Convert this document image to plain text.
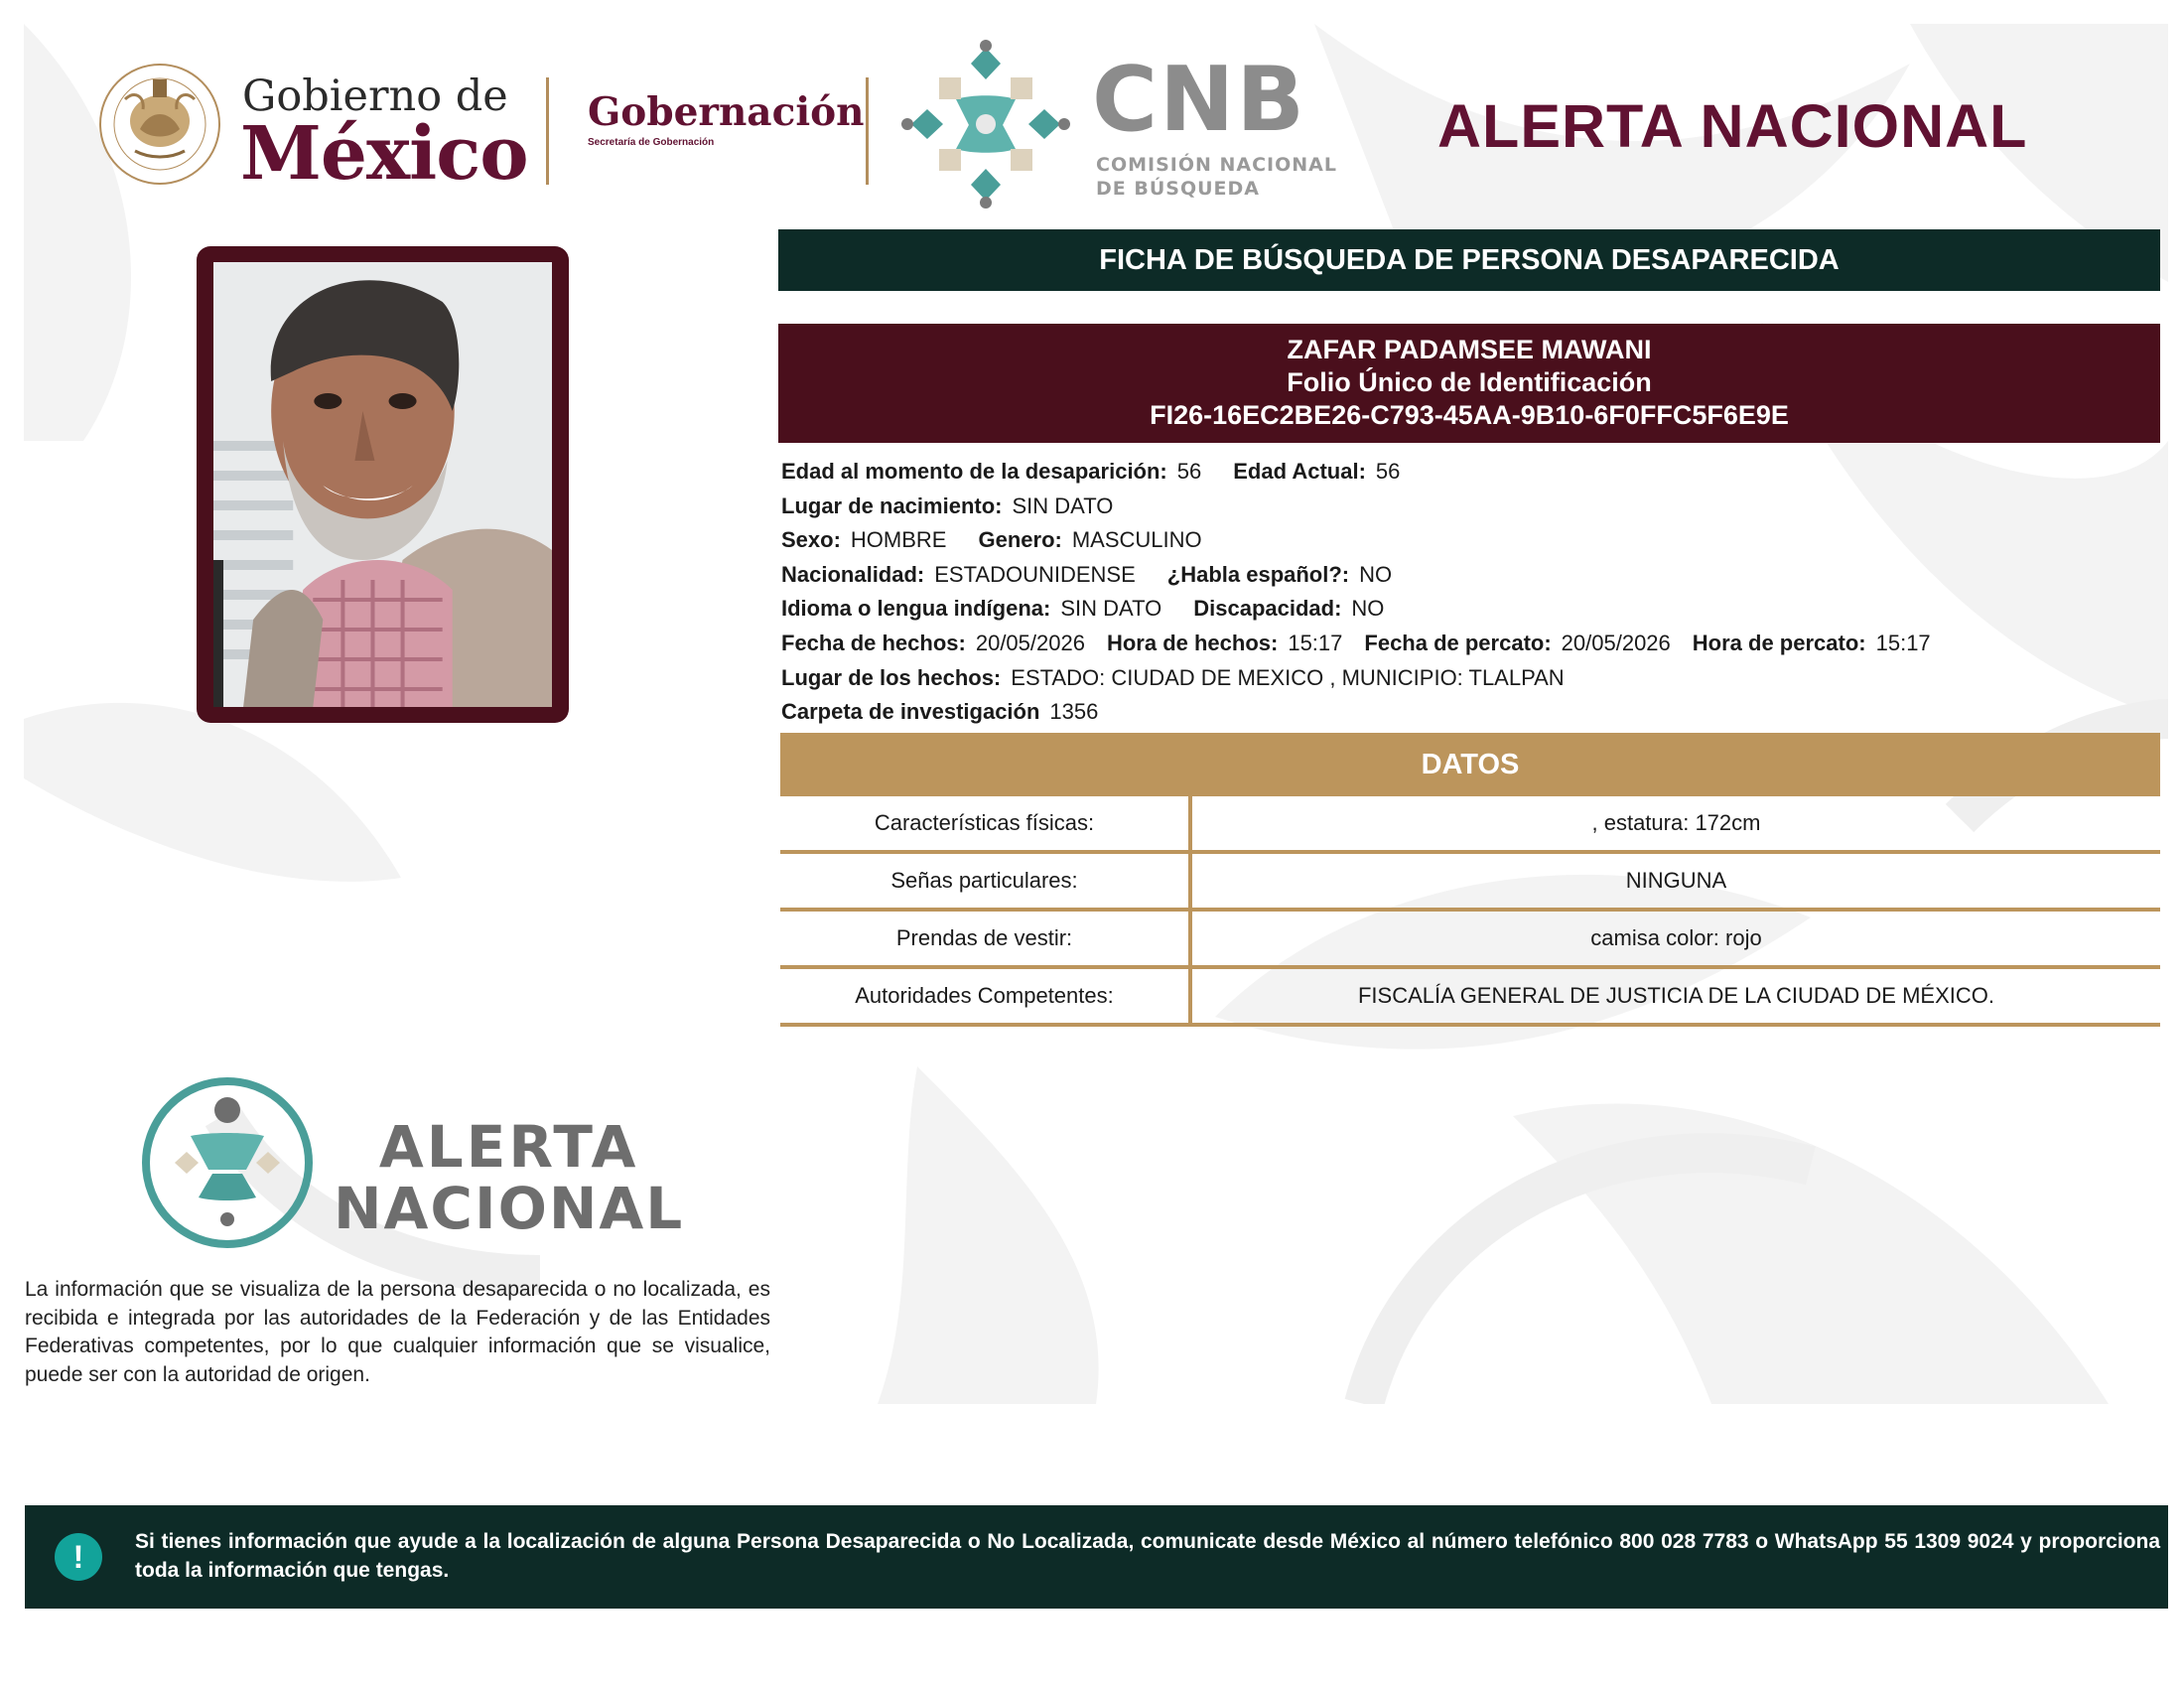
Gobierno de
México Gobernación
Secretaría de Gobernación	CNB
COMISIÓN NACIONAL
DE BÚSQUEDA
ALERTA NACIONAL
FICHA DE BÚSQUEDA DE PERSONA DESAPARECIDA
ZAFAR PADAMSEE MAWANI
Folio Único de Identificación
FI26-16EC2BE26-C793-45AA-9B10-6F0FFC5F6E9E
Edad al momento de la desaparición: 56 Edad Actual: 56
Lugar de nacimiento: SIN DATO
Sexo: HOMBRE Genero: MASCULINO
Nacionalidad: ESTADOUNIDENSE ¿Habla español?: NO
Idioma o lengua indígena: SIN DATO Discapacidad: NO
Fecha de hechos: 20/05/2026 Hora de hechos: 15:17 Fecha de percato: 20/05/2026 Hora de percato: 15:17
Lugar de los hechos: ESTADO: CIUDAD DE MEXICO , MUNICIPIO: TLALPAN
Carpeta de investigación 1356
DATOS
Características físicas:	, estatura: 172cm
Señas particulares:	NINGUNA
Prendas de vestir:	camisa color: rojo
Autoridades Competentes:	FISCALÍA GENERAL DE JUSTICIA DE LA CIUDAD DE MÉXICO.
ALERTA
NACIONAL
La información que se visualiza de la persona desaparecida o no localizada, es recibida e integrada por las autoridades de la Federación y de las Entidades Federativas competentes, por lo que cualquier información que se visualice, puede ser con la autoridad de origen.
!	Si tienes información que ayude a la localización de alguna Persona Desaparecida o No Localizada, comunicate desde México al número telefónico 800 028 7783 o WhatsApp 55 1309 9024 y proporciona toda la información que tengas.
